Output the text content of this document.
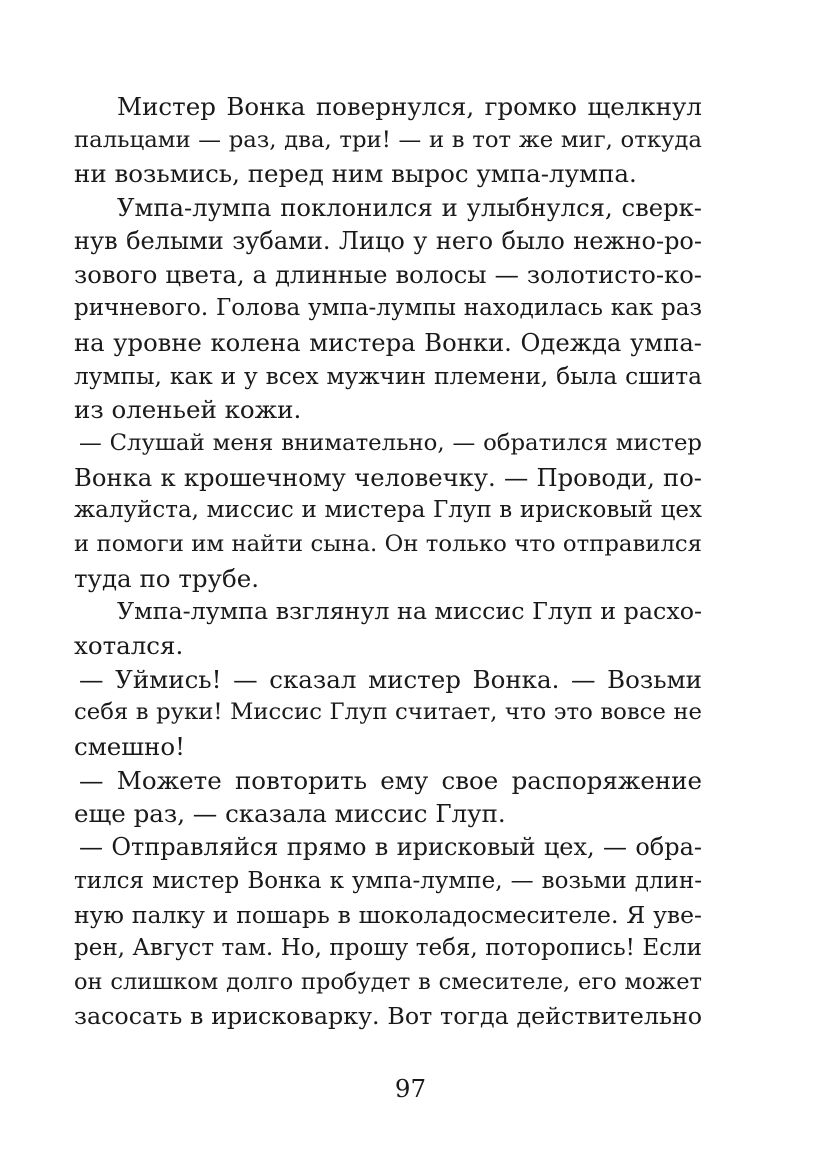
Мистер Вонка повернулся, громко щелкнул
пальцами — раз, два, три! — и в тот же миг, откуда
ни возьмись, перед ним вырос умпа-лумпа.
Умпа-лумпа поклонился и улыбнулся, сверк-
нув белыми зубами. Лицо у него было нежно-ро-
зового цвета, а длинные волосы — золотисто-ко-
ричневого. Голова умпа-лумпы находилась как раз
на уровне колена мистера Вонки. Одежда умпа-
лумпы, как и у всех мужчин племени, была сшита
из оленьей кожи.
— Слушай меня внимательно, — обратился мистер
Вонка к крошечному человечку. — Проводи, по-
жалуйста, миссис и мистера Глуп в ирисковый цех
и помоги им найти сына. Он только что отправился
туда по трубе.
Умпа-лумпа взглянул на миссис Глуп и расхо-
хотался.
— Уймись! — сказал мистер Вонка. — Возьми
себя в руки! Миссис Глуп считает, что это вовсе не
смешно!
— Можете повторить ему свое распоряжение
еще раз, — сказала миссис Глуп.
— Отправляйся прямо в ирисковый цех, — обра-
тился мистер Вонка к умпа-лумпе, — возьми длин-
ную палку и пошарь в шоколадосмесителе. Я уве-
рен, Август там. Но, прошу тебя, поторопись! Если
он слишком долго пробудет в смесителе, его может
засосать в ирисковарку. Вот тогда действительно
97
